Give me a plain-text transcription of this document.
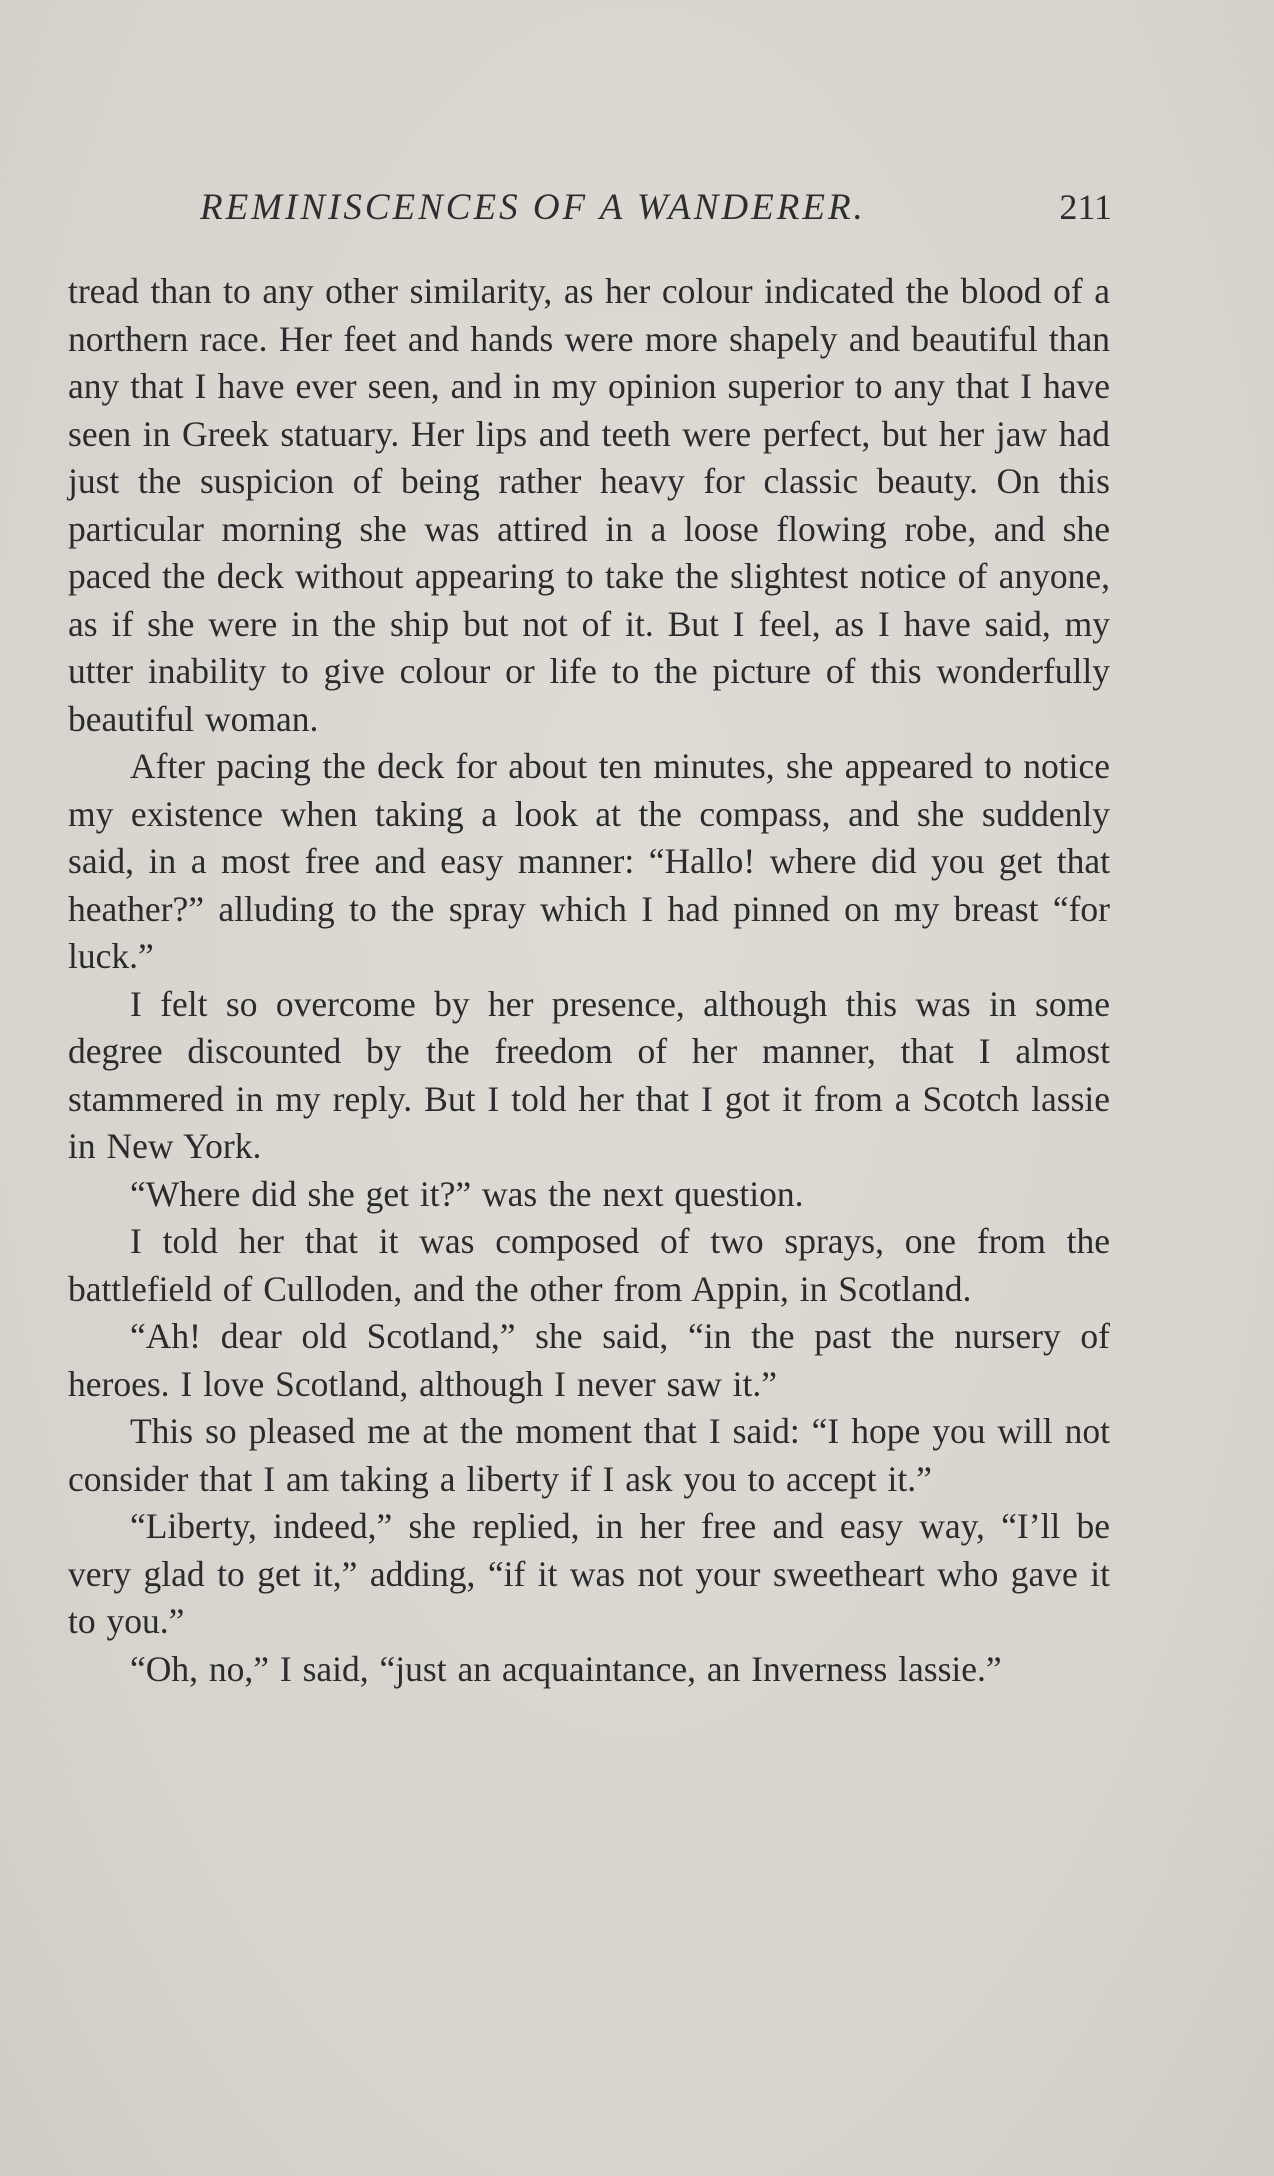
REMINISCENCES OF A WANDERER.	211

tread than to any other similarity, as her colour indicated the blood of a northern race. Her feet and hands were more shapely and beautiful than any that I have ever seen, and in my opinion superior to any that I have seen in Greek statuary. Her lips and teeth were perfect, but her jaw had just the suspicion of being rather heavy for classic beauty. On this particular morning she was attired in a loose flowing robe, and she paced the deck without appearing to take the slightest notice of anyone, as if she were in the ship but not of it. But I feel, as I have said, my utter inability to give colour or life to the picture of this wonderfully beautiful woman.

After pacing the deck for about ten minutes, she appeared to notice my existence when taking a look at the compass, and she suddenly said, in a most free and easy manner: “Hallo! where did you get that heather?” alluding to the spray which I had pinned on my breast “for luck.”

I felt so overcome by her presence, although this was in some degree discounted by the freedom of her manner, that I almost stammered in my reply. But I told her that I got it from a Scotch lassie in New York.

“Where did she get it?” was the next question.

I told her that it was composed of two sprays, one from the battlefield of Culloden, and the other from Appin, in Scotland.

“Ah! dear old Scotland,” she said, “in the past the nursery of heroes. I love Scotland, although I never saw it.”

This so pleased me at the moment that I said: “I hope you will not consider that I am taking a liberty if I ask you to accept it.”

“Liberty, indeed,” she replied, in her free and easy way, “I’ll be very glad to get it,” adding, “if it was not your sweetheart who gave it to you.”

“Oh, no,” I said, “just an acquaintance, an Inverness lassie.”
